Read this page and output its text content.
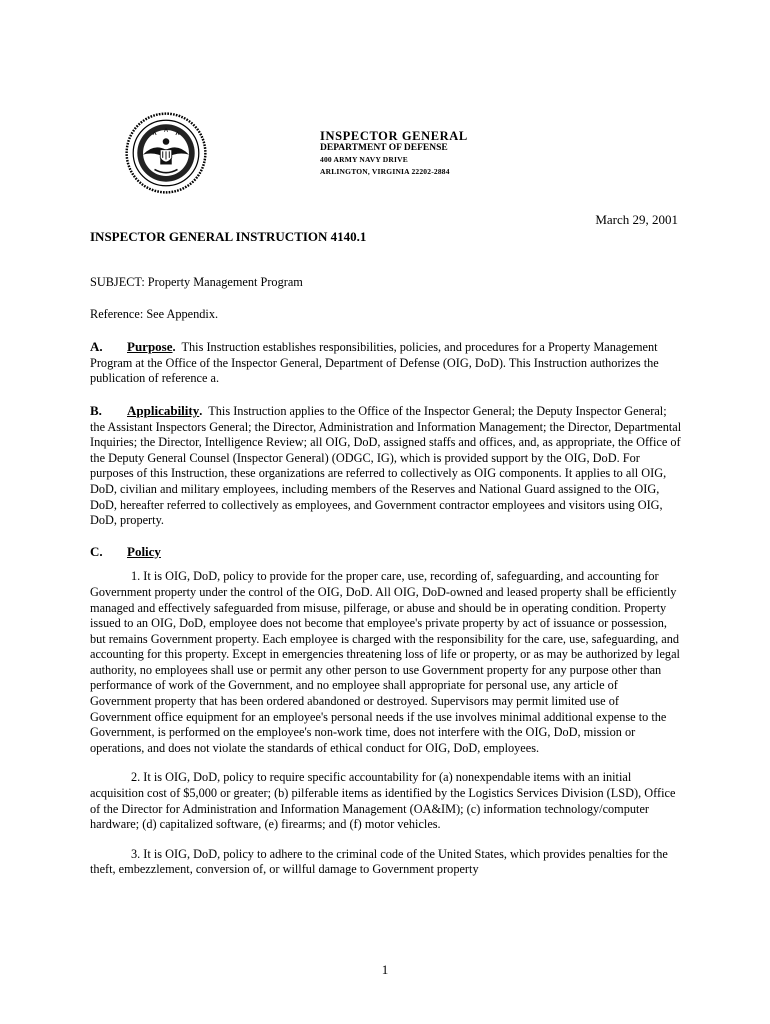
INSPECTOR GENERAL
DEPARTMENT OF DEFENSE
400 ARMY NAVY DRIVE
ARLINGTON, VIRGINIA 22202-2884
March 29, 2001
INSPECTOR GENERAL INSTRUCTION 4140.1

SUBJECT: Property Management Program

Reference: See Appendix.

A. Purpose. This Instruction establishes responsibilities, policies, and procedures for a Property Management Program at the Office of the Inspector General, Department of Defense (OIG, DoD). This Instruction authorizes the publication of reference a.

B. Applicability. This Instruction applies to the Office of the Inspector General; the Deputy Inspector General; the Assistant Inspectors General; the Director, Administration and Information Management; the Director, Departmental Inquiries; the Director, Intelligence Review; all OIG, DoD, assigned staffs and offices, and, as appropriate, the Office of the Deputy General Counsel (Inspector General) (ODGC, IG), which is provided support by the OIG, DoD. For purposes of this Instruction, these organizations are referred to collectively as OIG components. It applies to all OIG, DoD, civilian and military employees, including members of the Reserves and National Guard assigned to the OIG, DoD, hereafter referred to collectively as employees, and Government contractor employees and visitors using OIG, DoD, property.

C. Policy

1. It is OIG, DoD, policy to provide for the proper care, use, recording of, safeguarding, and accounting for Government property under the control of the OIG, DoD. All OIG, DoD-owned and leased property shall be efficiently managed and effectively safeguarded from misuse, pilferage, or abuse and should be in operating condition. Property issued to an OIG, DoD, employee does not become that employee's private property by act of issuance or possession, but remains Government property. Each employee is charged with the responsibility for the care, use, safeguarding, and accounting for this property. Except in emergencies threatening loss of life or property, or as may be authorized by legal authority, no employees shall use or permit any other person to use Government property for any purpose other than performance of work of the Government, and no employee shall appropriate for personal use, any article of Government property that has been ordered abandoned or destroyed. Supervisors may permit limited use of Government office equipment for an employee's personal needs if the use involves minimal additional expense to the Government, is performed on the employee's non-work time, does not interfere with the OIG, DoD, mission or operations, and does not violate the standards of ethical conduct for OIG, DoD, employees.

2. It is OIG, DoD, policy to require specific accountability for (a) nonexpendable items with an initial acquisition cost of $5,000 or greater; (b) pilferable items as identified by the Logistics Services Division (LSD), Office of the Director for Administration and Information Management (OA&IM); (c) information technology/computer hardware; (d) capitalized software, (e) firearms; and (f) motor vehicles.

3. It is OIG, DoD, policy to adhere to the criminal code of the United States, which provides penalties for the theft, embezzlement, conversion of, or willful damage to Government property

1
